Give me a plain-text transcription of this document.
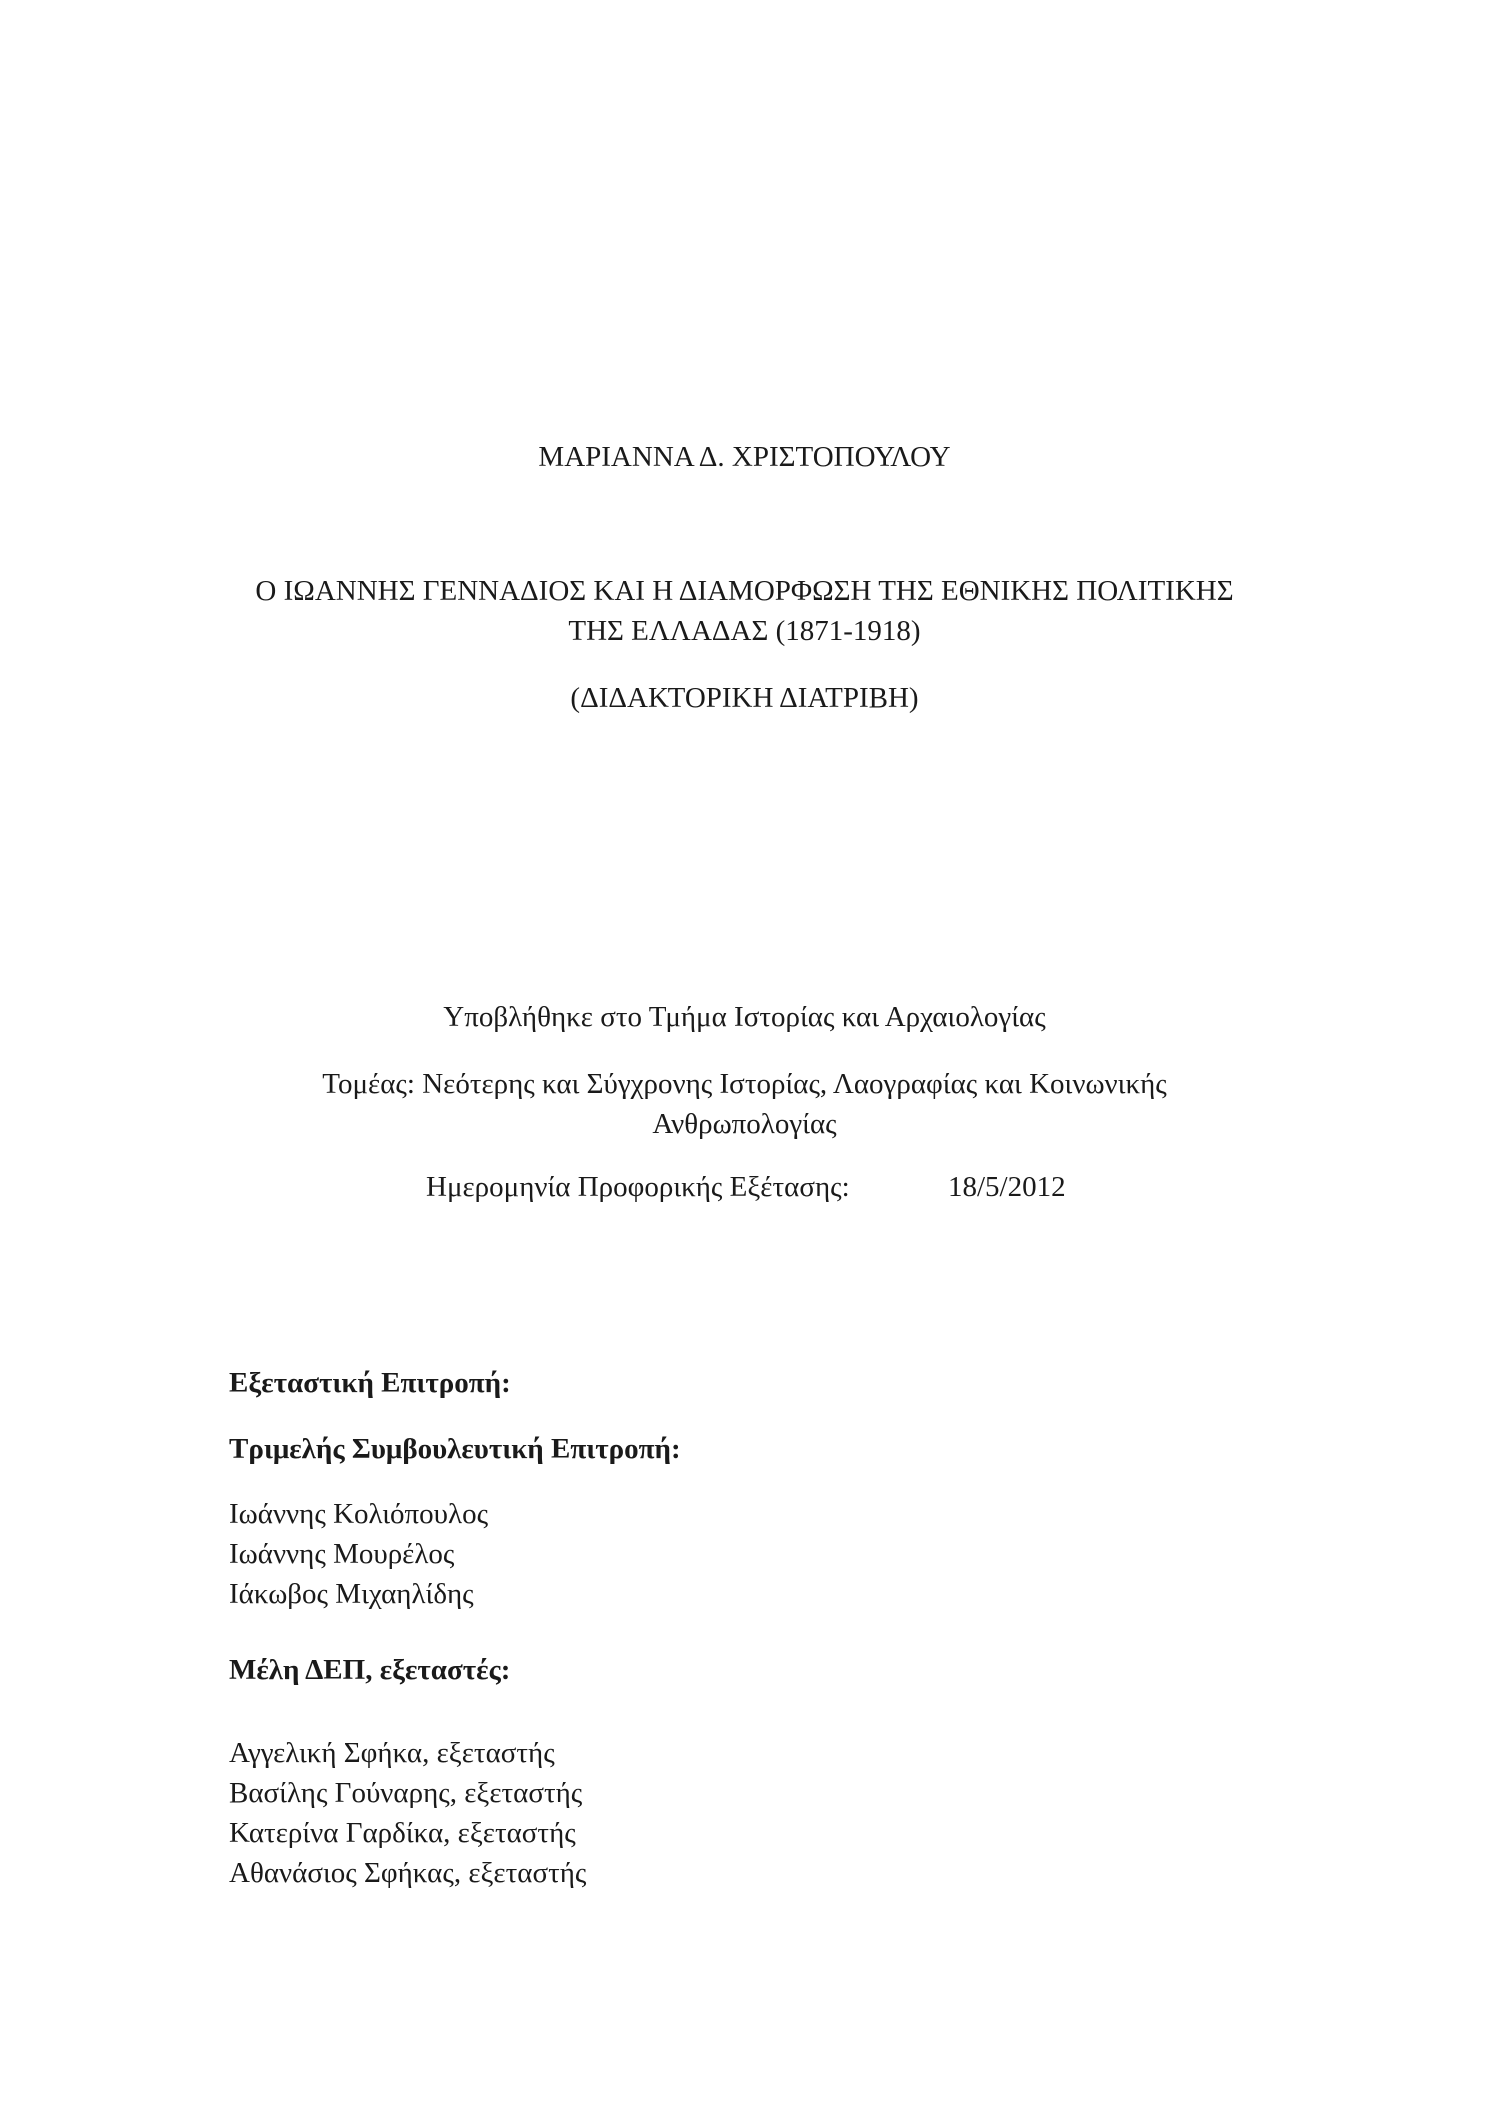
ΜΑΡΙΑΝΝΑ Δ. ΧΡΙΣΤΟΠΟΥΛΟΥ
Ο ΙΩΑΝΝΗΣ ΓΕΝΝΑΔΙΟΣ ΚΑΙ Η ΔΙΑΜΟΡΦΩΣΗ ΤΗΣ ΕΘΝΙΚΗΣ ΠΟΛΙΤΙΚΗΣ
ΤΗΣ ΕΛΛΑΔΑΣ (1871-1918)
(ΔΙΔΑΚΤΟΡΙΚΗ ΔΙΑΤΡΙΒΗ)
Υποβλήθηκε στο Τμήμα Ιστορίας και Αρχαιολογίας
Τομέας: Νεότερης και Σύγχρονης Ιστορίας, Λαογραφίας και Κοινωνικής
Ανθρωπολογίας
Ημερομηνία Προφορικής Εξέτασης:	18/5/2012
Εξεταστική Επιτροπή:
Τριμελής Συμβουλευτική Επιτροπή:
Ιωάννης Κολιόπουλος
Ιωάννης Μουρέλος
Ιάκωβος Μιχαηλίδης
Μέλη ΔΕΠ, εξεταστές:
Αγγελική Σφήκα, εξεταστής
Βασίλης Γούναρης, εξεταστής
Κατερίνα Γαρδίκα, εξεταστής
Αθανάσιος Σφήκας, εξεταστής
